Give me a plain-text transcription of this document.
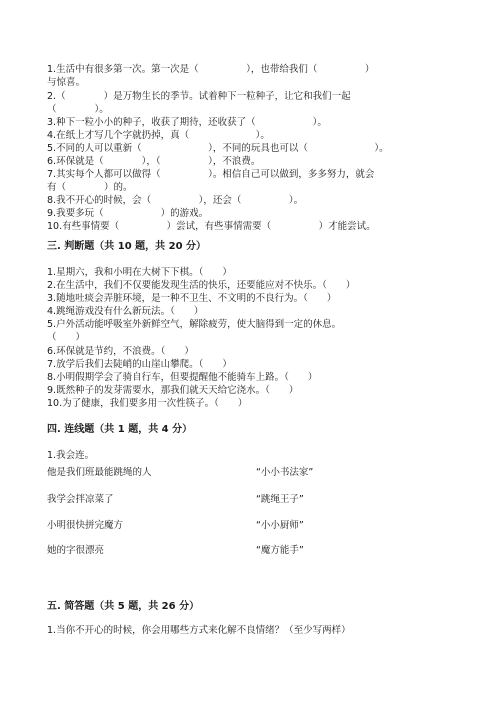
1.生活中有很多第一次。第一次是（　　　　　），也带给我们（　　　　　）
与惊喜。
2.（　　　　）是万物生长的季节。试着种下一粒种子，让它和我们一起
（　　　　）。
3.种下一粒小小的种子，收获了期待，还收获了（　　　　　　）。
4.在纸上才写几个字就扔掉，真（　　　　　　　）。
5.不同的人可以重新（　　　　　　　），不同的玩具也可以（　　　　　　　）。
6.环保就是（　　　　），（　　　　　），不浪费。
7.其实每个人都可以做得（　　　　　）。相信自己可以做到，多多努力，就会
有（　　　　）的。
8.我不开心的时候，会（　　　　　），还会（　　　　　）。
9.我要多玩（　　　　　　）的游戏。
10.有些事情要（　　　　　）尝试，有些事情需要（　　　　　）才能尝试。
三. 判断题（共 10 题，共 20 分）
1.星期六，我和小明在大树下下棋。（　　）
2.在生活中，我们不仅要能发现生活的快乐，还要能应对不快乐。（　　）
3.随地吐痰会弄脏环境，是一种不卫生、不文明的不良行为。（　　）
4.跳绳游戏没有什么新玩法。（　　）
5.户外活动能呼吸室外新鲜空气，解除疲劳，使大脑得到一定的休息。
（　　）
6.环保就是节约，不浪费。（　　）
7.放学后我们去陡峭的山崖山攀爬。（　　）
8.小明假期学会了骑自行车，但要提醒他不能骑车上路。（　　）
9.既然种子的发芽需要水，那我们就天天给它浇水。（　　）
10.为了健康，我们要多用一次性筷子。（　　）
四. 连线题（共 1 题，共 4 分）
1.我会连。
他是我们班最能跳绳的人	“小小书法家”
我学会拌凉菜了	“跳绳王子”
小明很快拼完魔方	“小小厨师”
她的字很漂亮	“魔方能手”
五. 简答题（共 5 题，共 26 分）
1.当你不开心的时候，你会用哪些方式来化解不良情绪？（至少写两样）
